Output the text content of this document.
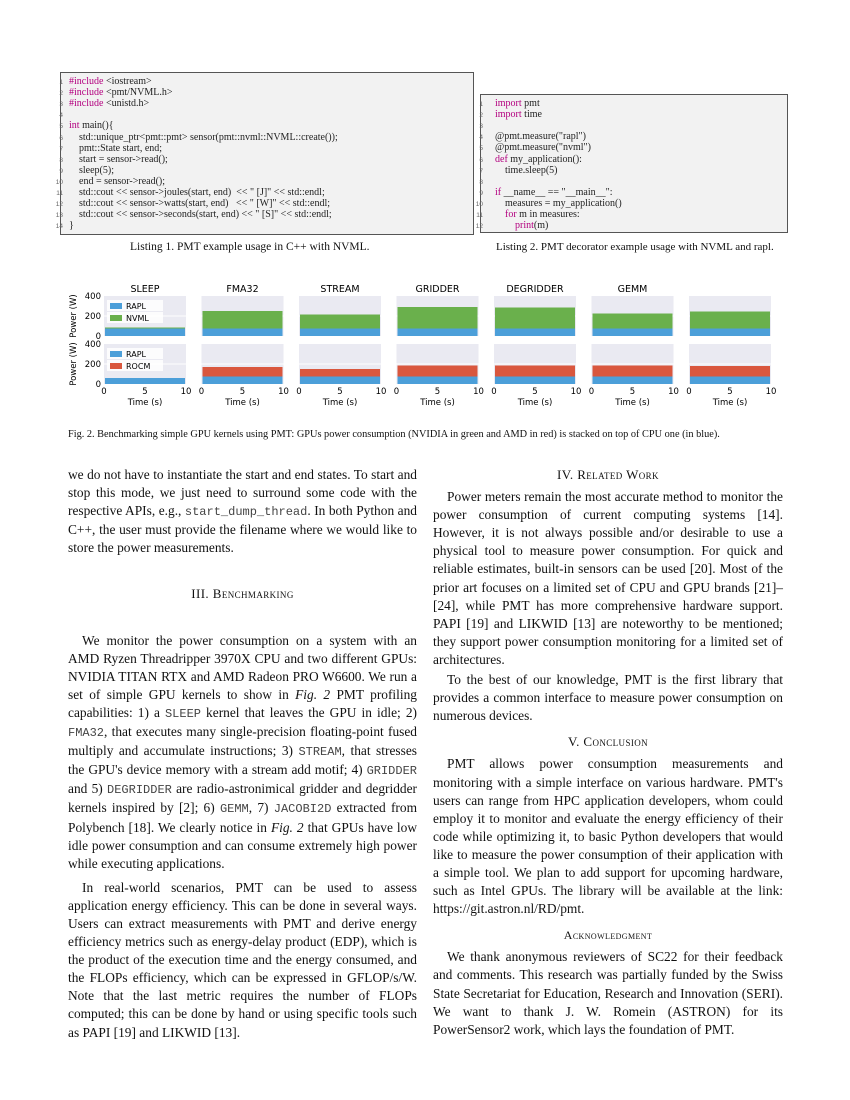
1 #include <iostream>
2 #include <pmt/NVML.h>
3 #include <unistd.h>
4
5 int main(){
6 std::unique_ptr<pmt::pmt> sensor(pmt::nvml::NVML::create());
7 pmt::State start, end;
8 start = sensor->read();
9 sleep(5);
10 end = sensor->read();
11 std::cout << sensor->joules(start, end)  << " [J]" << std::endl;
12 std::cout << sensor->watts(start, end)   << " [W]" << std::endl;
13 std::cout << sensor->seconds(start, end) << " [S]" << std::endl;
14 }
Listing 1. PMT example usage in C++ with NVML.
1 import pmt
2 import time
3
4 @pmt.measure("rapl")
5 @pmt.measure("nvml")
6 def my_application():
7 time.sleep(5)
8
9 if __name__ == "__main__":
10 measures = my_application()
11	for m in measures:
12	print(m)
Listing 2. PMT decorator example usage with NVML and rapl.
SLEEP
0
200
400
Power (W)	RAPL
NVML
0	5	10
Time (s)
0
200
400
Power (W)	RAPL
ROCM
FMA32
0	5	10
Time (s)
STREAM
0	5	10
Time (s)
GRIDDER
0	5	10
Time (s)
DEGRIDDER
0	5	10
Time (s)
GEMM
0	5	10
Time (s)
0	5	10
Time (s)
Fig. 2. Benchmarking simple GPU kernels using PMT: GPUs power consumption (NVIDIA in green and AMD in red) is stacked on top of CPU one (in blue).

we do not have to instantiate the start and end states. To start and stop this mode, we just need to surround some code with the respective APIs, e.g., start_dump_thread. In both Python and C++, the user must provide the filename where we would like to store the power measurements.

III. Benchmarking

We monitor the power consumption on a system with an AMD Ryzen Threadripper 3970X CPU and two different GPUs: NVIDIA TITAN RTX and AMD Radeon PRO W6600. We run a set of simple GPU kernels to show in Fig. 2 PMT profiling capabilities: 1) a SLEEP kernel that leaves the GPU in idle; 2) FMA32, that executes many single-precision floating-point fused multiply and accumulate instructions; 3) STREAM, that stresses the GPU's device memory with a stream add motif; 4) GRIDDER and 5) DEGRIDDER are radio-astronimical gridder and degridder kernels inspired by [2]; 6) GEMM, 7) JACOBI2D extracted from Polybench [18]. We clearly notice in Fig. 2 that GPUs have low idle power consumption and can consume extremely high power while executing applications.

In real-world scenarios, PMT can be used to assess application energy efficiency. This can be done in several ways. Users can extract measurements with PMT and derive energy efficiency metrics such as energy-delay product (EDP), which is the product of the execution time and the energy consumed, and the FLOPs efficiency, which can be expressed in GFLOP/s/W. Note that the last metric requires the number of FLOPs computed; this can be done by hand or using specific tools such as PAPI [19] and LIKWID [13].

IV. Related Work

Power meters remain the most accurate method to monitor the power consumption of current computing systems [14]. However, it is not always possible and/or desirable to use a physical tool to measure power consumption. For quick and reliable estimates, built-in sensors can be used [20]. Most of the prior art focuses on a limited set of CPU and GPU brands [21]–[24], while PMT has more comprehensive hardware support. PAPI [19] and LIKWID [13] are noteworthy to be mentioned; they support power consumption monitoring for a limited set of architectures.

To the best of our knowledge, PMT is the first library that provides a common interface to measure power consumption on numerous devices.

V. Conclusion

PMT allows power consumption measurements and monitoring with a simple interface on various hardware. PMT's users can range from HPC application developers, whom could employ it to monitor and evaluate the energy efficiency of their code while optimizing it, to basic Python developers that would like to measure the power consumption of their application with a simple tool. We plan to add support for upcoming hardware, such as Intel GPUs. The library will be available at the link: https://git.astron.nl/RD/pmt.

Acknowledgment

We thank anonymous reviewers of SC22 for their feedback and comments. This research was partially funded by the Swiss State Secretariat for Education, Research and Innovation (SERI). We want to thank J. W. Romein (ASTRON) for its PowerSensor2 work, which lays the foundation of PMT.
